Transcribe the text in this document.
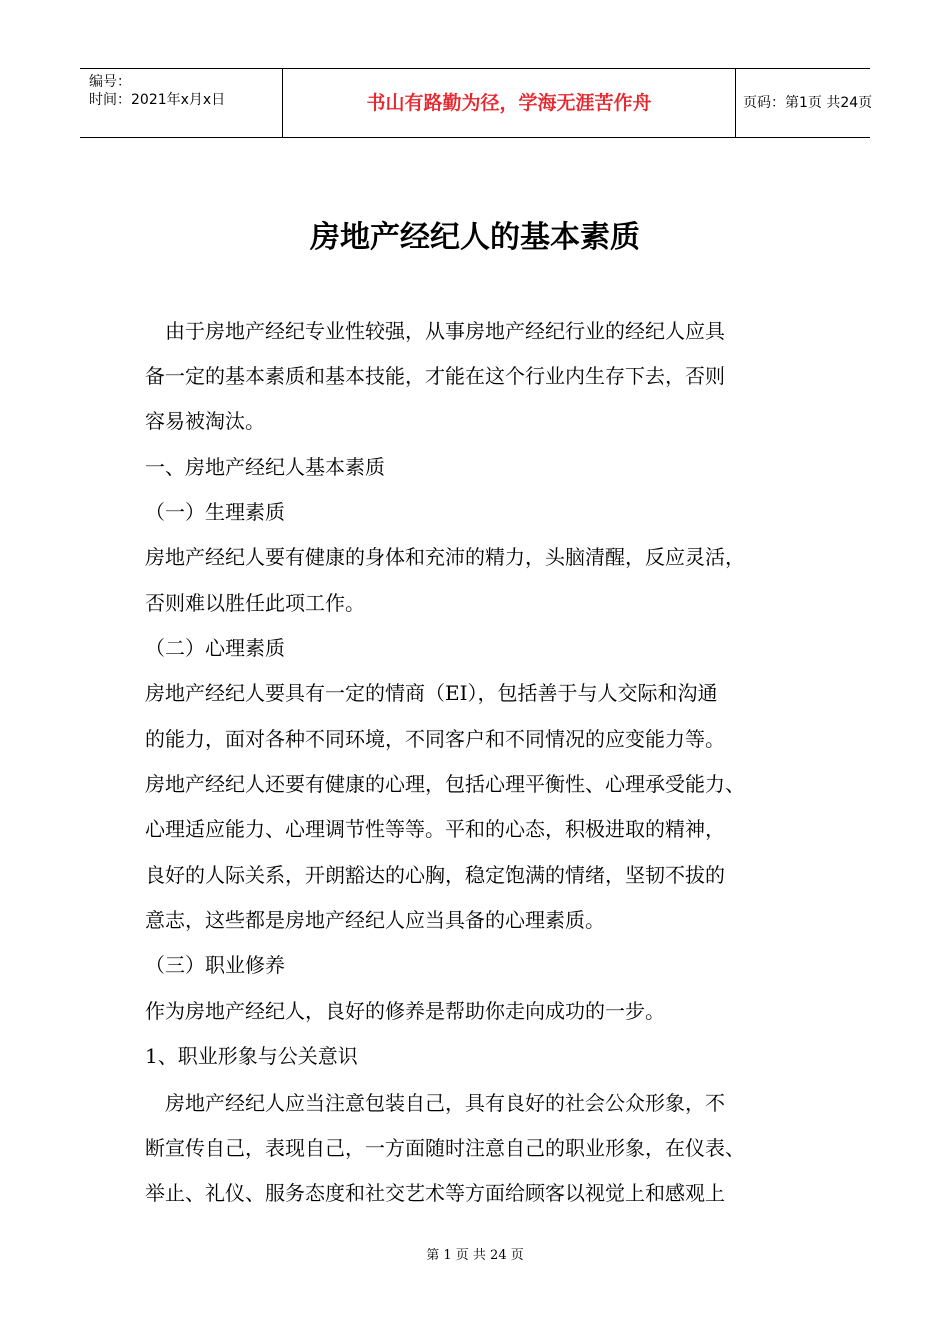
编号：
时间：2021年x月x日	书山有路勤为径，学海无涯苦作舟	页码：第1页 共24页
房地产经纪人的基本素质
由于房地产经纪专业性较强，从事房地产经纪行业的经纪人应具
备一定的基本素质和基本技能，才能在这个行业内生存下去，否则
容易被淘汰。
一、房地产经纪人基本素质
（一）生理素质
房地产经纪人要有健康的身体和充沛的精力，头脑清醒，反应灵活，
否则难以胜任此项工作。
（二）心理素质
房地产经纪人要具有一定的情商（EI），包括善于与人交际和沟通
的能力，面对各种不同环境，不同客户和不同情况的应变能力等。
房地产经纪人还要有健康的心理，包括心理平衡性、心理承受能力、
心理适应能力、心理调节性等等。平和的心态，积极进取的精神，
良好的人际关系，开朗豁达的心胸，稳定饱满的情绪，坚韧不拔的
意志，这些都是房地产经纪人应当具备的心理素质。
（三）职业修养
作为房地产经纪人，良好的修养是帮助你走向成功的一步。
1、职业形象与公关意识
房地产经纪人应当注意包装自己，具有良好的社会公众形象，不
断宣传自己，表现自己，一方面随时注意自己的职业形象，在仪表、
举止、礼仪、服务态度和社交艺术等方面给顾客以视觉上和感观上
第 1 页 共 24 页
